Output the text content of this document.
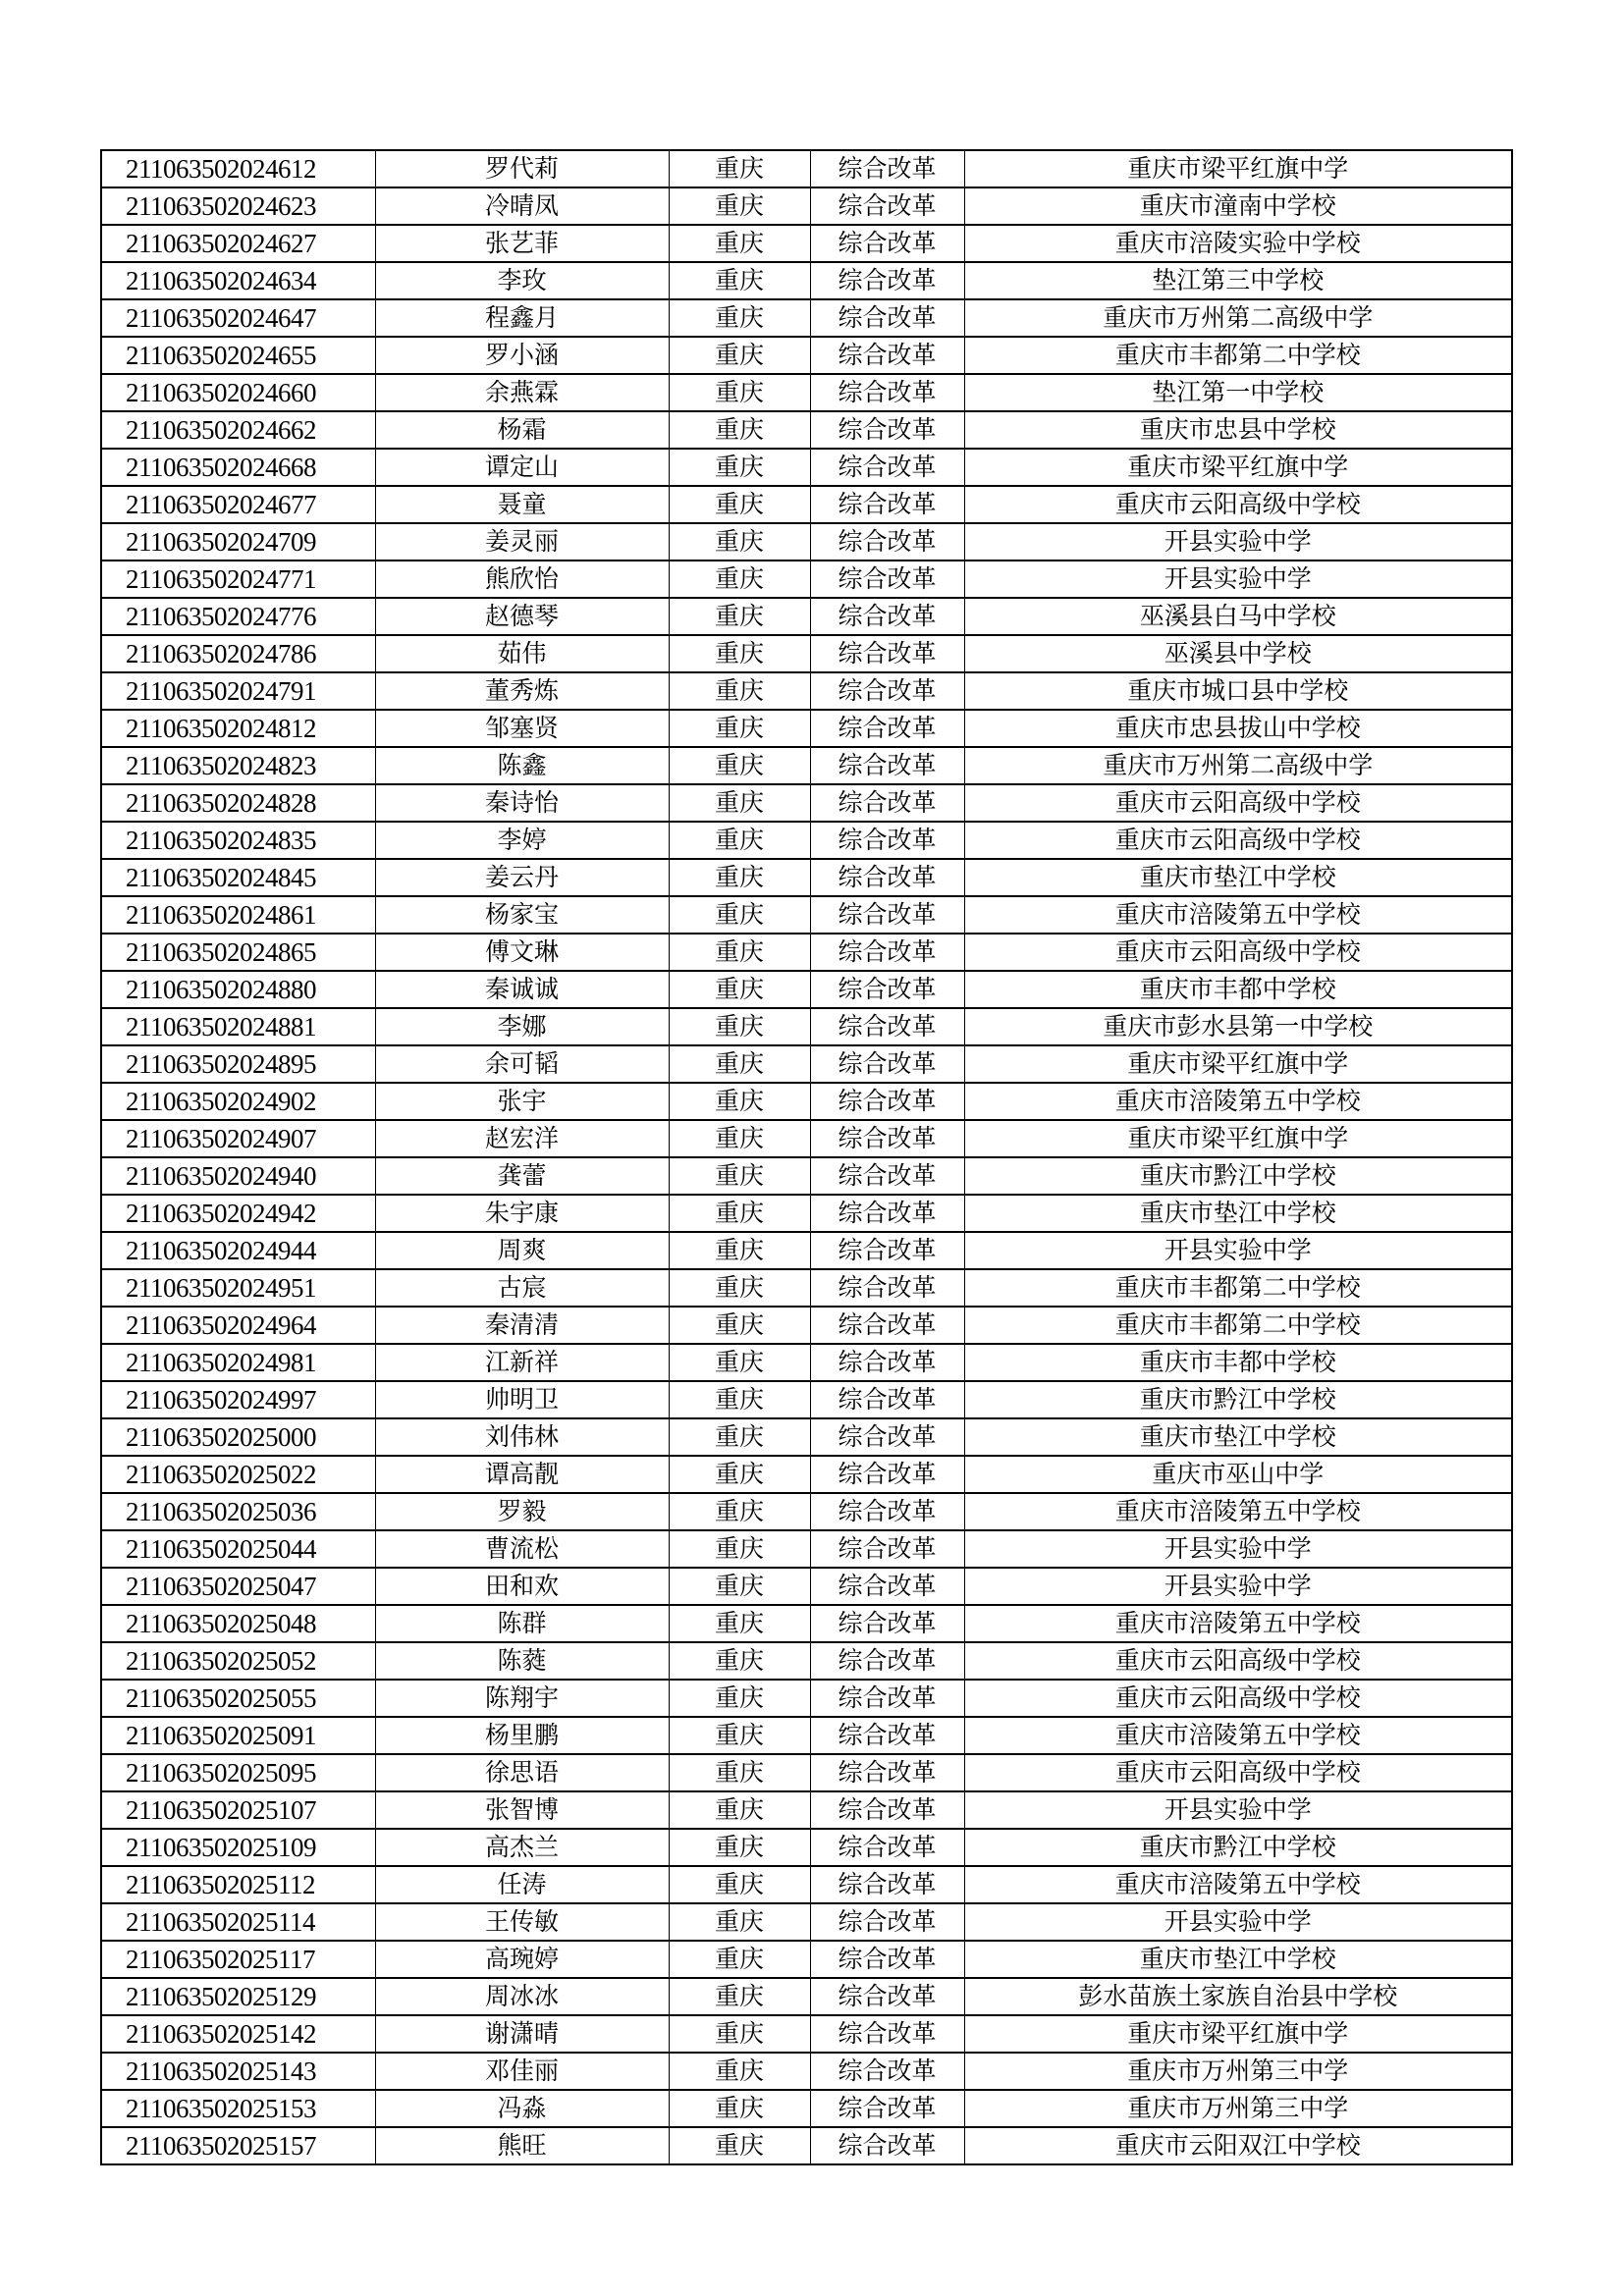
211063502024612	罗代莉	重庆	综合改革	重庆市梁平红旗中学
211063502024623	冷晴凤	重庆	综合改革	重庆市潼南中学校
211063502024627	张艺菲	重庆	综合改革	重庆市涪陵实验中学校
211063502024634	李玫	重庆	综合改革	垫江第三中学校
211063502024647	程鑫月	重庆	综合改革	重庆市万州第二高级中学
211063502024655	罗小涵	重庆	综合改革	重庆市丰都第二中学校
211063502024660	余燕霖	重庆	综合改革	垫江第一中学校
211063502024662	杨霜	重庆	综合改革	重庆市忠县中学校
211063502024668	谭定山	重庆	综合改革	重庆市梁平红旗中学
211063502024677	聂童	重庆	综合改革	重庆市云阳高级中学校
211063502024709	姜灵丽	重庆	综合改革	开县实验中学
211063502024771	熊欣怡	重庆	综合改革	开县实验中学
211063502024776	赵德琴	重庆	综合改革	巫溪县白马中学校
211063502024786	茹伟	重庆	综合改革	巫溪县中学校
211063502024791	董秀炼	重庆	综合改革	重庆市城口县中学校
211063502024812	邹塞贤	重庆	综合改革	重庆市忠县拔山中学校
211063502024823	陈鑫	重庆	综合改革	重庆市万州第二高级中学
211063502024828	秦诗怡	重庆	综合改革	重庆市云阳高级中学校
211063502024835	李婷	重庆	综合改革	重庆市云阳高级中学校
211063502024845	姜云丹	重庆	综合改革	重庆市垫江中学校
211063502024861	杨家宝	重庆	综合改革	重庆市涪陵第五中学校
211063502024865	傅文琳	重庆	综合改革	重庆市云阳高级中学校
211063502024880	秦诚诚	重庆	综合改革	重庆市丰都中学校
211063502024881	李娜	重庆	综合改革	重庆市彭水县第一中学校
211063502024895	余可韬	重庆	综合改革	重庆市梁平红旗中学
211063502024902	张宇	重庆	综合改革	重庆市涪陵第五中学校
211063502024907	赵宏洋	重庆	综合改革	重庆市梁平红旗中学
211063502024940	龚蕾	重庆	综合改革	重庆市黔江中学校
211063502024942	朱宇康	重庆	综合改革	重庆市垫江中学校
211063502024944	周爽	重庆	综合改革	开县实验中学
211063502024951	古宸	重庆	综合改革	重庆市丰都第二中学校
211063502024964	秦清清	重庆	综合改革	重庆市丰都第二中学校
211063502024981	江新祥	重庆	综合改革	重庆市丰都中学校
211063502024997	帅明卫	重庆	综合改革	重庆市黔江中学校
211063502025000	刘伟林	重庆	综合改革	重庆市垫江中学校
211063502025022	谭高靓	重庆	综合改革	重庆市巫山中学
211063502025036	罗毅	重庆	综合改革	重庆市涪陵第五中学校
211063502025044	曹流松	重庆	综合改革	开县实验中学
211063502025047	田和欢	重庆	综合改革	开县实验中学
211063502025048	陈群	重庆	综合改革	重庆市涪陵第五中学校
211063502025052	陈蕤	重庆	综合改革	重庆市云阳高级中学校
211063502025055	陈翔宇	重庆	综合改革	重庆市云阳高级中学校
211063502025091	杨里鹏	重庆	综合改革	重庆市涪陵第五中学校
211063502025095	徐思语	重庆	综合改革	重庆市云阳高级中学校
211063502025107	张智博	重庆	综合改革	开县实验中学
211063502025109	高杰兰	重庆	综合改革	重庆市黔江中学校
211063502025112	任涛	重庆	综合改革	重庆市涪陵第五中学校
211063502025114	王传敏	重庆	综合改革	开县实验中学
211063502025117	高琬婷	重庆	综合改革	重庆市垫江中学校
211063502025129	周冰冰	重庆	综合改革	彭水苗族土家族自治县中学校
211063502025142	谢潇晴	重庆	综合改革	重庆市梁平红旗中学
211063502025143	邓佳丽	重庆	综合改革	重庆市万州第三中学
211063502025153	冯淼	重庆	综合改革	重庆市万州第三中学
211063502025157	熊旺	重庆	综合改革	重庆市云阳双江中学校
